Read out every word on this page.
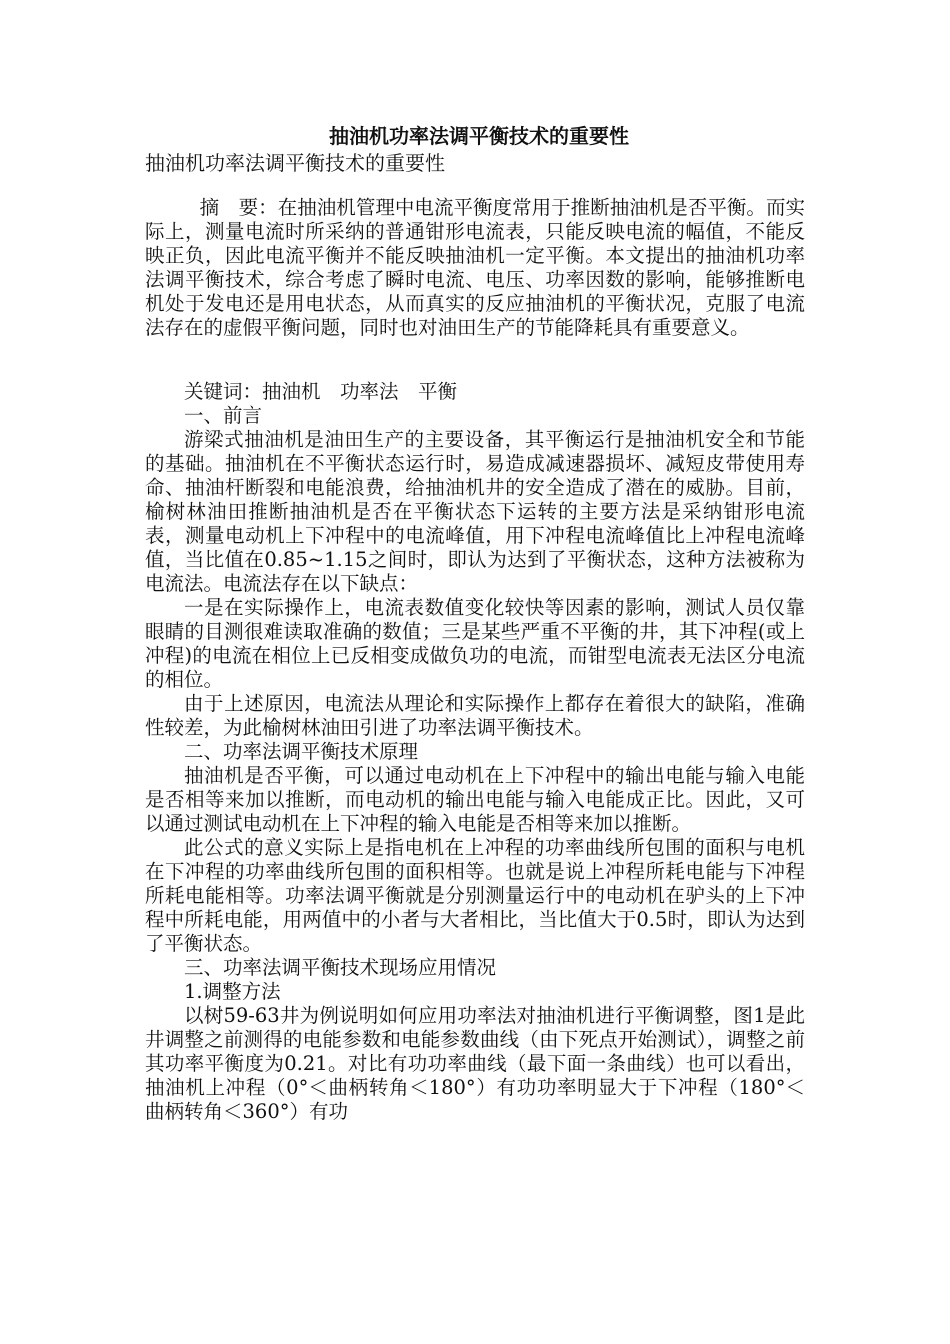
抽油机功率法调平衡技术的重要性
抽油机功率法调平衡技术的重要性

摘　要：在抽油机管理中电流平衡度常用于推断抽油机是否平衡。而实际上，测量电流时所采纳的普通钳形电流表，只能反映电流的幅值，不能反映正负，因此电流平衡并不能反映抽油机一定平衡。本文提出的抽油机功率法调平衡技术，综合考虑了瞬时电流、电压、功率因数的影响，能够推断电机处于发电还是用电状态，从而真实的反应抽油机的平衡状况，克服了电流法存在的虚假平衡问题，同时也对油田生产的节能降耗具有重要意义。

关键词：抽油机　功率法　平衡

一、前言

游梁式抽油机是油田生产的主要设备，其平衡运行是抽油机安全和节能的基础。抽油机在不平衡状态运行时，易造成减速器损坏、减短皮带使用寿命、抽油杆断裂和电能浪费，给抽油机井的安全造成了潜在的威胁。目前，榆树林油田推断抽油机是否在平衡状态下运转的主要方法是采纳钳形电流表，测量电动机上下冲程中的电流峰值，用下冲程电流峰值比上冲程电流峰值，当比值在0.85~1.15之间时，即认为达到了平衡状态，这种方法被称为电流法。电流法存在以下缺点：

一是在实际操作上，电流表数值变化较快等因素的影响，测试人员仅靠眼睛的目测很难读取准确的数值；三是某些严重不平衡的井，其下冲程(或上冲程)的电流在相位上已反相变成做负功的电流，而钳型电流表无法区分电流的相位。

由于上述原因，电流法从理论和实际操作上都存在着很大的缺陷，准确性较差，为此榆树林油田引进了功率法调平衡技术。

二、功率法调平衡技术原理

抽油机是否平衡，可以通过电动机在上下冲程中的输出电能与输入电能是否相等来加以推断，而电动机的输出电能与输入电能成正比。因此，又可以通过测试电动机在上下冲程的输入电能是否相等来加以推断。

此公式的意义实际上是指电机在上冲程的功率曲线所包围的面积与电机在下冲程的功率曲线所包围的面积相等。也就是说上冲程所耗电能与下冲程所耗电能相等。功率法调平衡就是分别测量运行中的电动机在驴头的上下冲程中所耗电能，用两值中的小者与大者相比，当比值大于0.5时，即认为达到了平衡状态。

三、功率法调平衡技术现场应用情况

1.调整方法

以树59-63井为例说明如何应用功率法对抽油机进行平衡调整，图1是此井调整之前测得的电能参数和电能参数曲线（由下死点开始测试），调整之前其功率平衡度为0.21。对比有功功率曲线（最下面一条曲线）也可以看出，抽油机上冲程（0°＜曲柄转角＜180°）有功功率明显大于下冲程（180°＜曲柄转角＜360°）有功
